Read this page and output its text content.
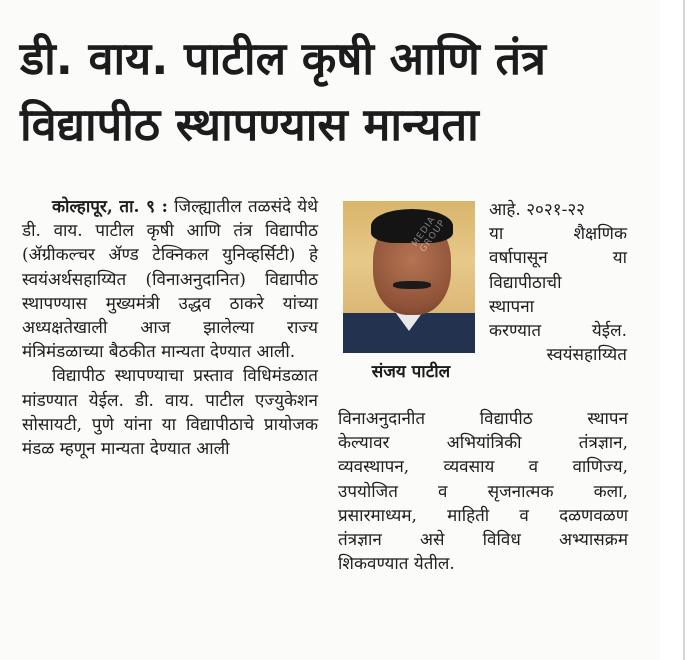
डी. वाय. पाटील कृषी आणि तंत्र
विद्यापीठ स्थापण्यास मान्यता

कोल्हापूर, ता. ९ : जिल्ह्यातील तळसंदे येथे डी. वाय. पाटील कृषी आणि तंत्र विद्यापीठ (ॲग्रीकल्चर ॲण्ड टेक्निकल युनिव्हर्सिटी) हे स्वयंअर्थसहाय्यित (विनाअनुदानित) विद्यापीठ स्थापण्यास मुख्यमंत्री उद्धव ठाकरे यांच्या अध्यक्षतेखाली आज झालेल्या राज्य मंत्रिमंडळाच्या बैठकीत मान्यता देण्यात आली.

विद्यापीठ स्थापण्याचा प्रस्ताव विधिमंडळात मांडण्यात येईल. डी. वाय. पाटील एज्युकेशन सोसायटी, पुणे यांना या विद्यापीठाचे प्रायोजक मंडळ म्हणून मान्यता देण्यात आली

MEDIA GROUP
संजय पाटील
आहे. २०२१-२२
या शैक्षणिक
वर्षापासून या
विद्यापीठाची
स्थापना
करण्यात येईल.
स्वयंसहाय्यित
विनाअनुदानीत विद्यापीठ स्थापन
केल्यावर अभियांत्रिकी तंत्रज्ञान,
व्यवस्थापन, व्यवसाय व वाणिज्य,
उपयोजित व सृजनात्मक कला,
प्रसारमाध्यम, माहिती व दळणवळण
तंत्रज्ञान असे विविध अभ्यासक्रम
शिकवण्यात येतील.
